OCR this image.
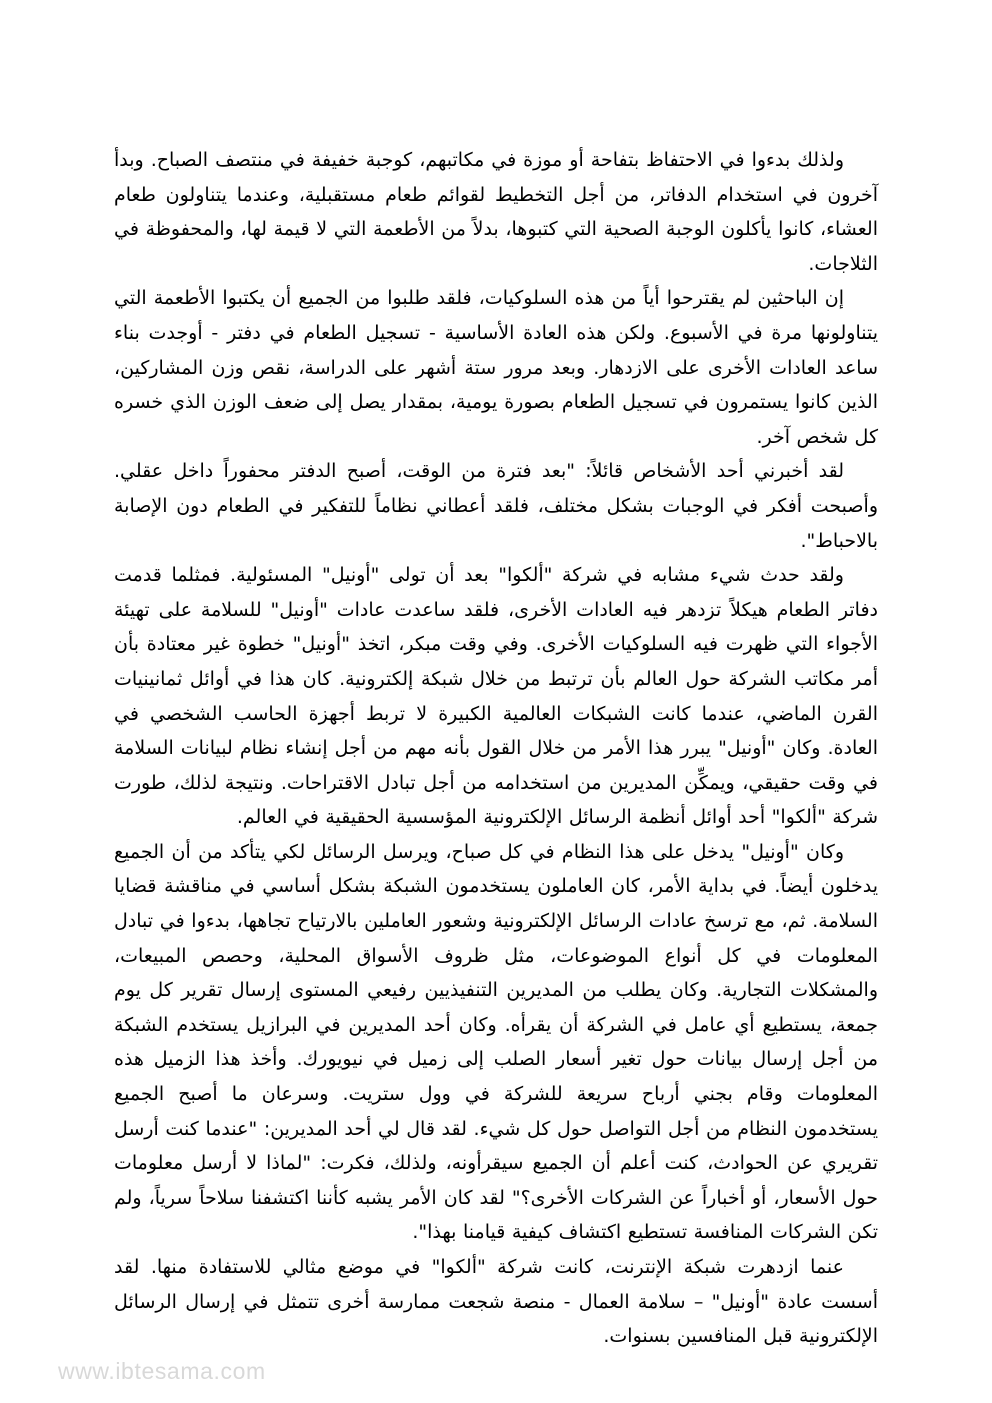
ولذلك بدءوا في الاحتفاظ بتفاحة أو موزة في مكاتبهم، كوجبة خفيفة في منتصف الصباح. وبدأ آخرون في استخدام الدفاتر، من أجل التخطيط لقوائم طعام مستقبلية، وعندما يتناولون طعام العشاء، كانوا يأكلون الوجبة الصحية التي كتبوها، بدلاً من الأطعمة التي لا قيمة لها، والمحفوظة في الثلاجات.

إن الباحثين لم يقترحوا أياً من هذه السلوكيات، فلقد طلبوا من الجميع أن يكتبوا الأطعمة التي يتناولونها مرة في الأسبوع. ولكن هذه العادة الأساسية - تسجيل الطعام في دفتر - أوجدت بناء ساعد العادات الأخرى على الازدهار. وبعد مرور ستة أشهر على الدراسة، نقص وزن المشاركين، الذين كانوا يستمرون في تسجيل الطعام بصورة يومية، بمقدار يصل إلى ضعف الوزن الذي خسره كل شخص آخر.

لقد أخبرني أحد الأشخاص قائلاً: "بعد فترة من الوقت، أصبح الدفتر محفوراً داخل عقلي. وأصبحت أفكر في الوجبات بشكل مختلف، فلقد أعطاني نظاماً للتفكير في الطعام دون الإصابة بالاحباط".

ولقد حدث شيء مشابه في شركة "ألكوا" بعد أن تولى "أونيل" المسئولية. فمثلما قدمت دفاتر الطعام هيكلاً تزدهر فيه العادات الأخرى، فلقد ساعدت عادات "أونيل" للسلامة على تهيئة الأجواء التي ظهرت فيه السلوكيات الأخرى. وفي وقت مبكر، اتخذ "أونيل" خطوة غير معتادة بأن أمر مكاتب الشركة حول العالم بأن ترتبط من خلال شبكة إلكترونية. كان هذا في أوائل ثمانينيات القرن الماضي، عندما كانت الشبكات العالمية الكبيرة لا تربط أجهزة الحاسب الشخصي في العادة. وكان "أونيل" يبرر هذا الأمر من خلال القول بأنه مهم من أجل إنشاء نظام لبيانات السلامة في وقت حقيقي، ويمكِّن المديرين من استخدامه من أجل تبادل الاقتراحات. ونتيجة لذلك، طورت شركة "ألكوا" أحد أوائل أنظمة الرسائل الإلكترونية المؤسسية الحقيقية في العالم.

وكان "أونيل" يدخل على هذا النظام في كل صباح، ويرسل الرسائل لكي يتأكد من أن الجميع يدخلون أيضاً. في بداية الأمر، كان العاملون يستخدمون الشبكة بشكل أساسي في مناقشة قضايا السلامة. ثم، مع ترسخ عادات الرسائل الإلكترونية وشعور العاملين بالارتياح تجاهها، بدءوا في تبادل المعلومات في كل أنواع الموضوعات، مثل ظروف الأسواق المحلية، وحصص المبيعات، والمشكلات التجارية. وكان يطلب من المديرين التنفيذيين رفيعي المستوى إرسال تقرير كل يوم جمعة، يستطيع أي عامل في الشركة أن يقرأه. وكان أحد المديرين في البرازيل يستخدم الشبكة من أجل إرسال بيانات حول تغير أسعار الصلب إلى زميل في نيويورك. وأخذ هذا الزميل هذه المعلومات وقام بجني أرباح سريعة للشركة في وول ستريت. وسرعان ما أصبح الجميع يستخدمون النظام من أجل التواصل حول كل شيء. لقد قال لي أحد المديرين: "عندما كنت أرسل تقريري عن الحوادث، كنت أعلم أن الجميع سيقرأونه، ولذلك، فكرت: "لماذا لا أرسل معلومات حول الأسعار، أو أخباراً عن الشركات الأخرى؟" لقد كان الأمر يشبه كأننا اكتشفنا سلاحاً سرياً، ولم تكن الشركات المنافسة تستطيع اكتشاف كيفية قيامنا بهذا".

عنما ازدهرت شبكة الإنترنت، كانت شركة "ألكوا" في موضع مثالي للاستفادة منها. لقد أسست عادة "أونيل" – سلامة العمال - منصة شجعت ممارسة أخرى تتمثل في إرسال الرسائل الإلكترونية قبل المنافسين بسنوات.

www.ibtesama.com
